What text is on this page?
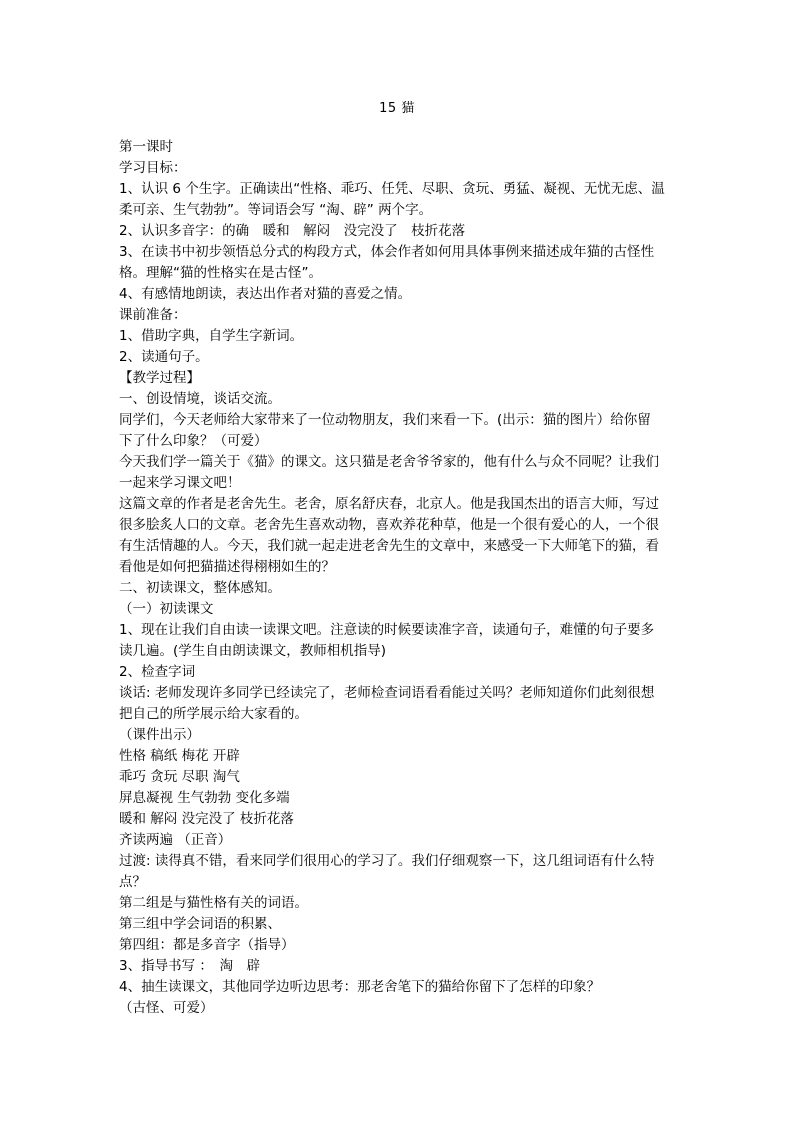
15 猫
第一课时
学习目标：
1、认识 6 个生字。正确读出“性格、乖巧、任凭、尽职、贪玩、勇猛、凝视、无忧无虑、温
柔可亲、生气勃勃”。等词语会写 “淘、辟” 两个字。
2、认识多音字：的确　暖和　解闷　没完没了　枝折花落
3、在读书中初步领悟总分式的构段方式，体会作者如何用具体事例来描述成年猫的古怪性
格。理解“猫的性格实在是古怪”。
4、有感情地朗读，表达出作者对猫的喜爱之情。
课前准备：
1、借助字典，自学生字新词。
2、读通句子。
【教学过程】
一、创设情境，谈话交流。
同学们，今天老师给大家带来了一位动物朋友，我们来看一下。(出示：猫的图片）给你留
下了什么印象？（可爱）
今天我们学一篇关于《猫》的课文。这只猫是老舍爷爷家的，他有什么与众不同呢？让我们
一起来学习课文吧！
这篇文章的作者是老舍先生。老舍，原名舒庆春，北京人。他是我国杰出的语言大师，写过
很多脍炙人口的文章。老舍先生喜欢动物，喜欢养花种草，他是一个很有爱心的人，一个很
有生活情趣的人。今天，我们就一起走进老舍先生的文章中，来感受一下大师笔下的猫，看
看他是如何把猫描述得栩栩如生的？
二、初读课文，整体感知。
（一）初读课文
1、现在让我们自由读一读课文吧。注意读的时候要读准字音，读通句子，难懂的句子要多
读几遍。(学生自由朗读课文，教师相机指导)
2、检查字词
谈话: 老师发现许多同学已经读完了，老师检查词语看看能过关吗？老师知道你们此刻很想
把自己的所学展示给大家看的。
（课件出示）
性格 稿纸 梅花 开辟
乖巧 贪玩 尽职 淘气
屏息凝视 生气勃勃 变化多端
暖和 解闷 没完没了 枝折花落
齐读两遍 （正音）
过渡: 读得真不错，看来同学们很用心的学习了。我们仔细观察一下，这几组词语有什么特
点？
第二组是与猫性格有关的词语。
第三组中学会词语的积累、
第四组：都是多音字（指导）
3、指导书写 ：　淘　辟
4、抽生读课文，其他同学边听边思考：那老舍笔下的猫给你留下了怎样的印象？
（古怪、可爱）
